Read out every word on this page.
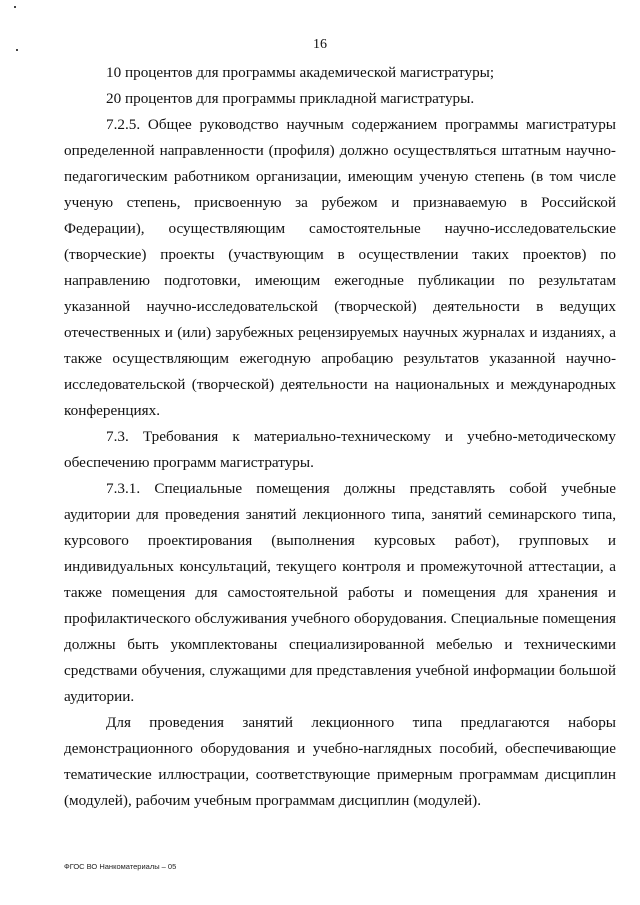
16

10 процентов для программы академической магистратуры;

20 процентов для программы прикладной магистратуры.

7.2.5. Общее руководство научным содержанием программы магистратуры определенной направленности (профиля) должно осуществляться штатным научно-педагогическим работником организации, имеющим ученую степень (в том числе ученую степень, присвоенную за рубежом и признаваемую в Российской Федерации), осуществляющим самостоятельные научно-исследовательские (творческие) проекты (участвующим в осуществлении таких проектов) по направлению подготовки, имеющим ежегодные публикации по результатам указанной научно-исследовательской (творческой) деятельности в ведущих отечественных и (или) зарубежных рецензируемых научных журналах и изданиях, а также осуществляющим ежегодную апробацию результатов указанной научно-исследовательской (творческой) деятельности на национальных и международных конференциях.

7.3. Требования к материально-техническому и учебно-методическому обеспечению программ магистратуры.

7.3.1. Специальные помещения должны представлять собой учебные аудитории для проведения занятий лекционного типа, занятий семинарского типа, курсового проектирования (выполнения курсовых работ), групповых и индивидуальных консультаций, текущего контроля и промежуточной аттестации, а также помещения для самостоятельной работы и помещения для хранения и профилактического обслуживания учебного оборудования. Специальные помещения должны быть укомплектованы специализированной мебелью и техническими средствами обучения, служащими для представления учебной информации большой аудитории.

Для проведения занятий лекционного типа предлагаются наборы демонстрационного оборудования и учебно-наглядных пособий, обеспечивающие тематические иллюстрации, соответствующие примерным программам дисциплин (модулей), рабочим учебным программам дисциплин (модулей).

ФГОС ВО Нанкоматериалы – 05
